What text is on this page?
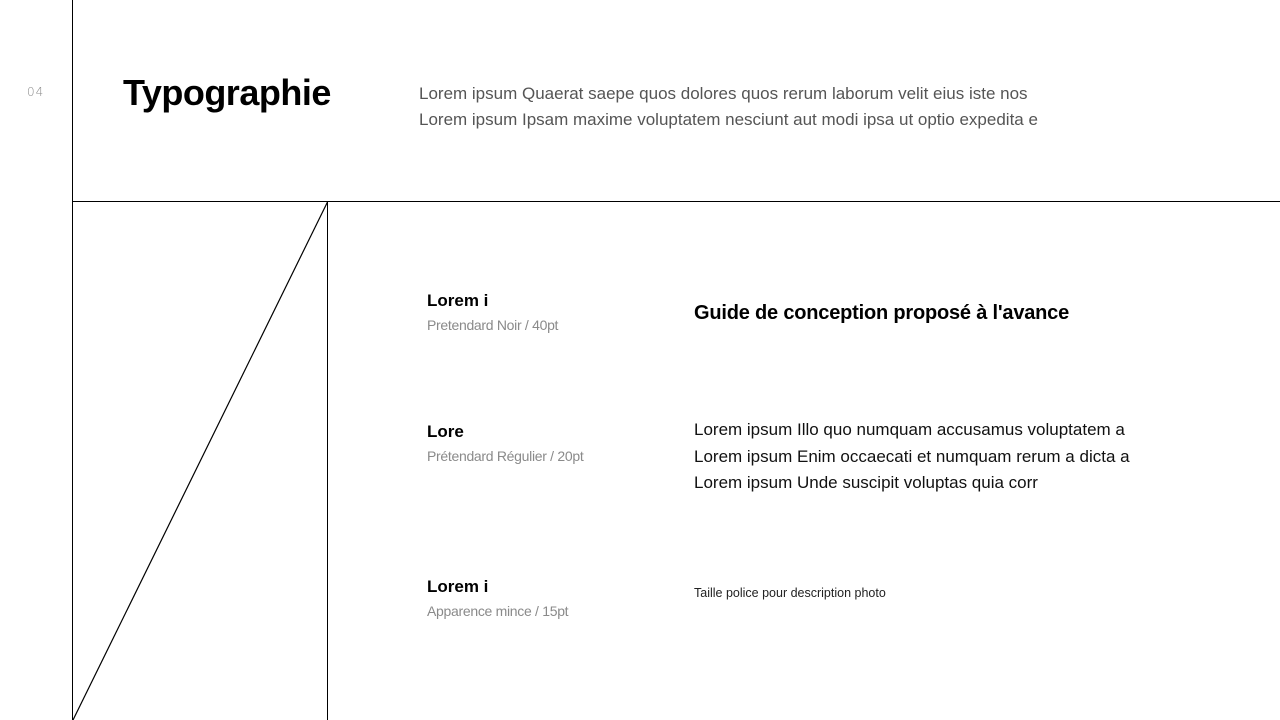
04 Typographie	Lorem ipsum Quaerat saepe quos dolores quos rerum laborum velit eius iste nos
Lorem ipsum Ipsam maxime voluptatem nesciunt aut modi ipsa ut optio expedita e
Lorem i
Pretendard Noir / 40pt
Guide de conception proposé à l'avance
Lore
Prétendard Régulier / 20pt
Lorem ipsum Illo quo numquam accusamus voluptatem a
Lorem ipsum Enim occaecati et numquam rerum a dicta a
Lorem ipsum Unde suscipit voluptas quia corr
Lorem i
Apparence mince / 15pt
Taille police pour description photo
